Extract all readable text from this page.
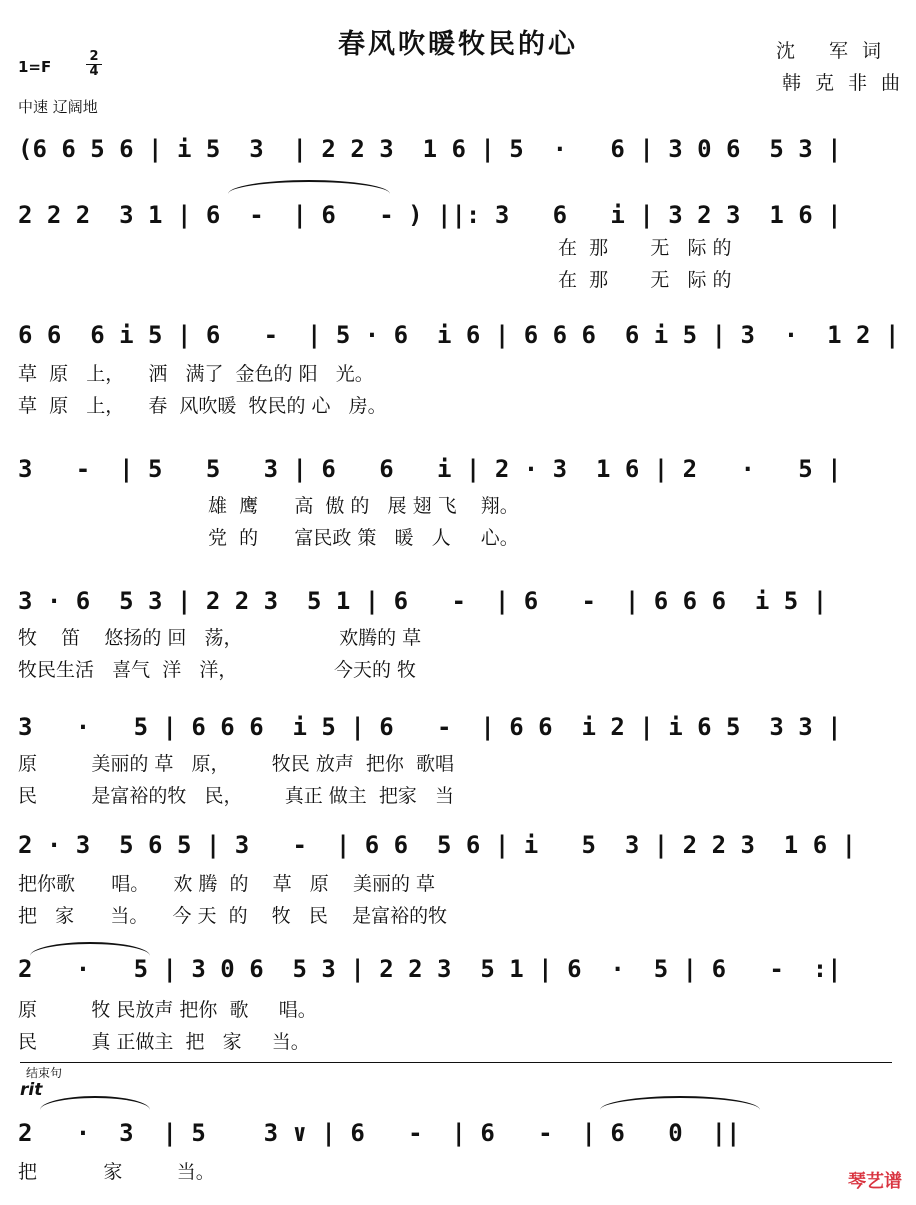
春风吹暖牧民的心	沈 军词
韩克非曲
1=F
2
4
中速 辽阔地
(6 6 5 6 | i 5  3  | 2 2 3  1 6 | 5  ·   6 | 3 0 6  5 3 |
2 2 2  3 1 | 6  -  | 6   - ) ||: 3   6   i | 3 2 3  1 6 |
在  那       无   际 的
在  那       无   际 的
6 6  6 i 5 | 6   -  | 5 · 6  i 6 | 6 6 6  6 i 5 | 3  ·  1 2 |
草  原   上，    洒   满了  金色的 阳   光。
草  原   上，    春  风吹暖  牧民的 心   房。
3   -  | 5   5   3 | 6   6   i | 2 · 3  1 6 | 2   ·   5 |
雄  鹰      高  傲 的   展 翅 飞    翔。
党  的      富民政 策   暖   人     心。
3 · 6  5 3 | 2 2 3  5 1 | 6   -  | 6   -  | 6 6 6  i 5 |
牧    笛    悠扬的 回   荡，                欢腾的 草
牧民生活   喜气  洋   洋，                今天的 牧
3   ·   5 | 6 6 6  i 5 | 6   -  | 6 6  i 2 | i 6 5  3 3 |
原         美丽的 草   原，       牧民 放声  把你  歌唱
民         是富裕的牧   民，       真正 做主  把家   当
2 · 3  5 6 5 | 3   -  | 6 6  5 6 | i   5  3 | 2 2 3  1 6 |
把你歌      唱。    欢 腾  的    草   原    美丽的 草
把   家      当。    今 天  的    牧   民    是富裕的牧
2   ·   5 | 3 0 6  5 3 | 2 2 3  5 1 | 6  ·  5 | 6   -  :|
原         牧 民放声 把你  歌     唱。
民         真 正做主  把   家     当。
结束句
rit
2   ·  3  | 5    3 ∨ | 6   -  | 6   -  | 6   0  ||
把           家         当。	琴艺谱
